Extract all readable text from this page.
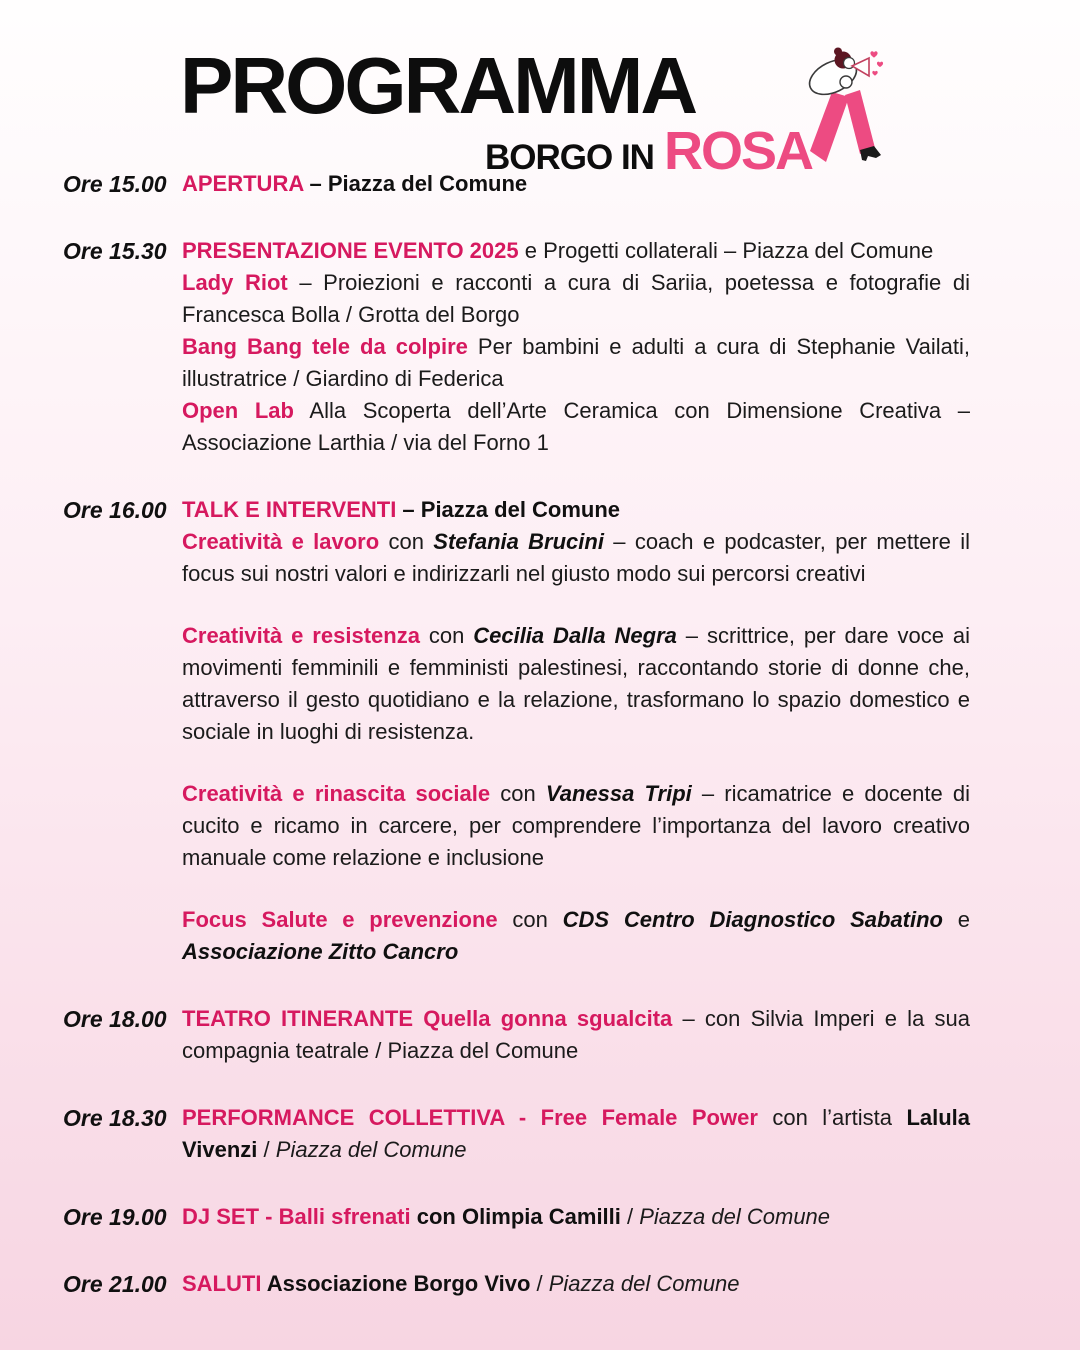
PROGRAMMA
BORGO IN ROSA
Ore 15.00 APERTURA – Piazza del Comune

Ore 15.30 PRESENTAZIONE EVENTO 2025 e Progetti collaterali – Piazza del Comune

Lady Riot – Proiezioni e racconti a cura di Sariia, poetessa e fotografie di Francesca Bolla / Grotta del Borgo

Bang Bang tele da colpire Per bambini e adulti a cura di Stephanie Vailati, illustratrice / Giardino di Federica

Open Lab Alla Scoperta dell’Arte Ceramica con Dimensione Creativa – Associazione Larthia / via del Forno 1

Ore 16.00 TALK E INTERVENTI – Piazza del Comune

Creatività e lavoro con Stefania Brucini – coach e podcaster, per mettere il focus sui nostri valori e indirizzarli nel giusto modo sui percorsi creativi

Creatività e resistenza con Cecilia Dalla Negra – scrittrice, per dare voce ai movimenti femminili e femministi palestinesi, raccontando storie di donne che, attraverso il gesto quotidiano e la relazione, trasformano lo spazio domestico e sociale in luoghi di resistenza.

Creatività e rinascita sociale con Vanessa Tripi – ricamatrice e docente di cucito e ricamo in carcere, per comprendere l’importanza del lavoro creativo manuale come relazione e inclusione

Focus Salute e prevenzione con CDS Centro Diagnostico Sabatino e Associazione Zitto Cancro

Ore 18.00 TEATRO ITINERANTE Quella gonna sgualcita – con Silvia Imperi e la sua compagnia teatrale / Piazza del Comune

Ore 18.30 PERFORMANCE COLLETTIVA - Free Female Power con l’artista Lalula Vivenzi / Piazza del Comune

Ore 19.00 DJ SET - Balli sfrenati con Olimpia Camilli / Piazza del Comune

Ore 21.00 SALUTI Associazione Borgo Vivo / Piazza del Comune
